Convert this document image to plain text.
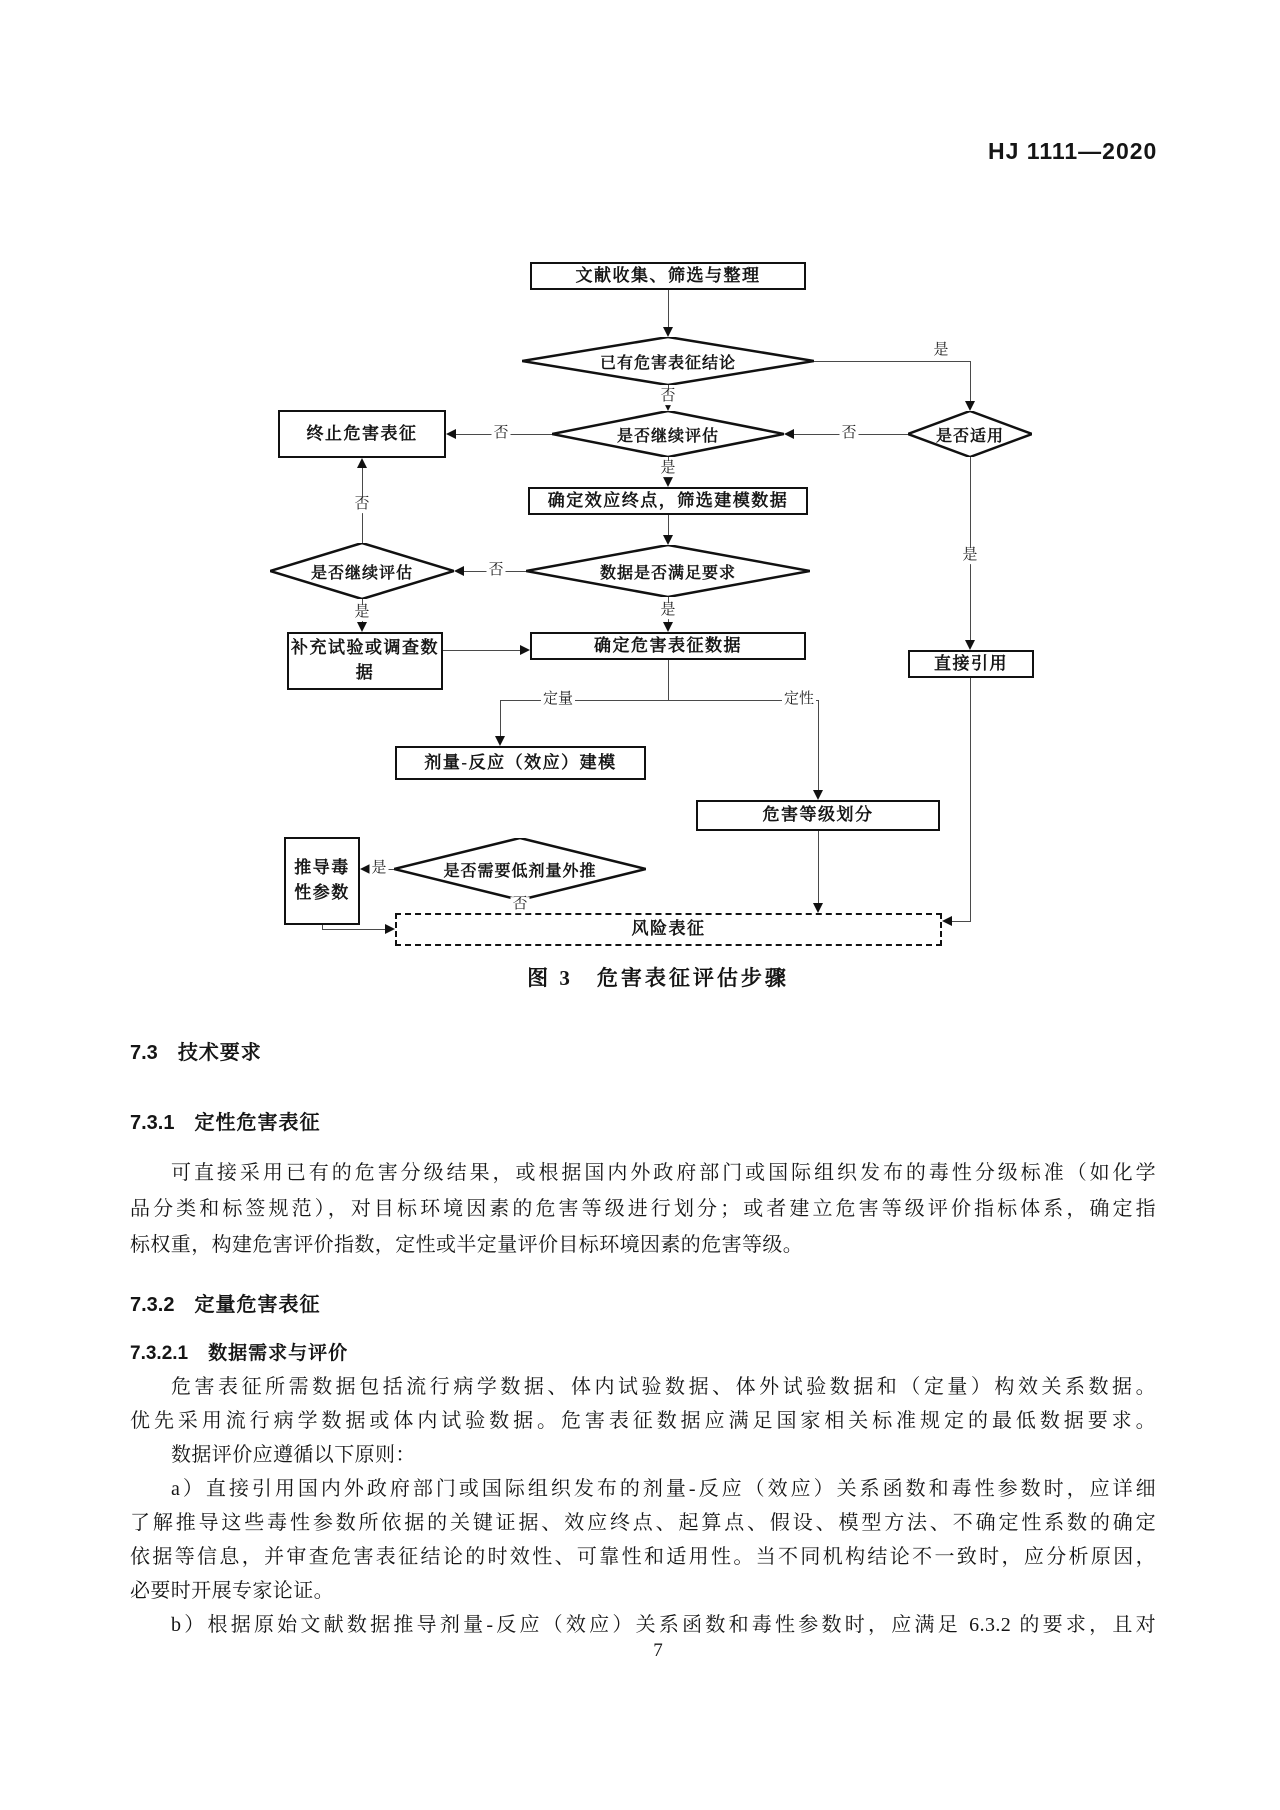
HJ 1111—2020
文献收集、筛选与整理
终止危害表征
确定效应终点，筛选建模数据
补充试验或调查数据
确定危害表征数据
直接引用
剂量-反应（效应）建模
危害等级划分
推导毒性参数
风险表征
已有危害表征结论
是否继续评估	是否适用
数据是否满足要求
是否继续评估
是否需要低剂量外推
是
否
否	否
是
否
否
是	是
是
定量	定性
否
是
图 3　危害表征评估步骤
7.3 技术要求
7.3.1 定性危害表征
可直接采用已有的危害分级结果，或根据国内外政府部门或国际组织发布的毒性分级标准（如化学
品分类和标签规范），对目标环境因素的危害等级进行划分；或者建立危害等级评价指标体系，确定指
标权重，构建危害评价指数，定性或半定量评价目标环境因素的危害等级。
7.3.2 定量危害表征
7.3.2.1 数据需求与评价
危害表征所需数据包括流行病学数据、体内试验数据、体外试验数据和（定量）构效关系数据。
优先采用流行病学数据或体内试验数据。危害表征数据应满足国家相关标准规定的最低数据要求。
数据评价应遵循以下原则：
a）直接引用国内外政府部门或国际组织发布的剂量-反应（效应）关系函数和毒性参数时，应详细
了解推导这些毒性参数所依据的关键证据、效应终点、起算点、假设、模型方法、不确定性系数的确定
依据等信息，并审查危害表征结论的时效性、可靠性和适用性。当不同机构结论不一致时，应分析原因，
必要时开展专家论证。
b）根据原始文献数据推导剂量-反应（效应）关系函数和毒性参数时，应满足 6.3.2 的要求，且对
7
